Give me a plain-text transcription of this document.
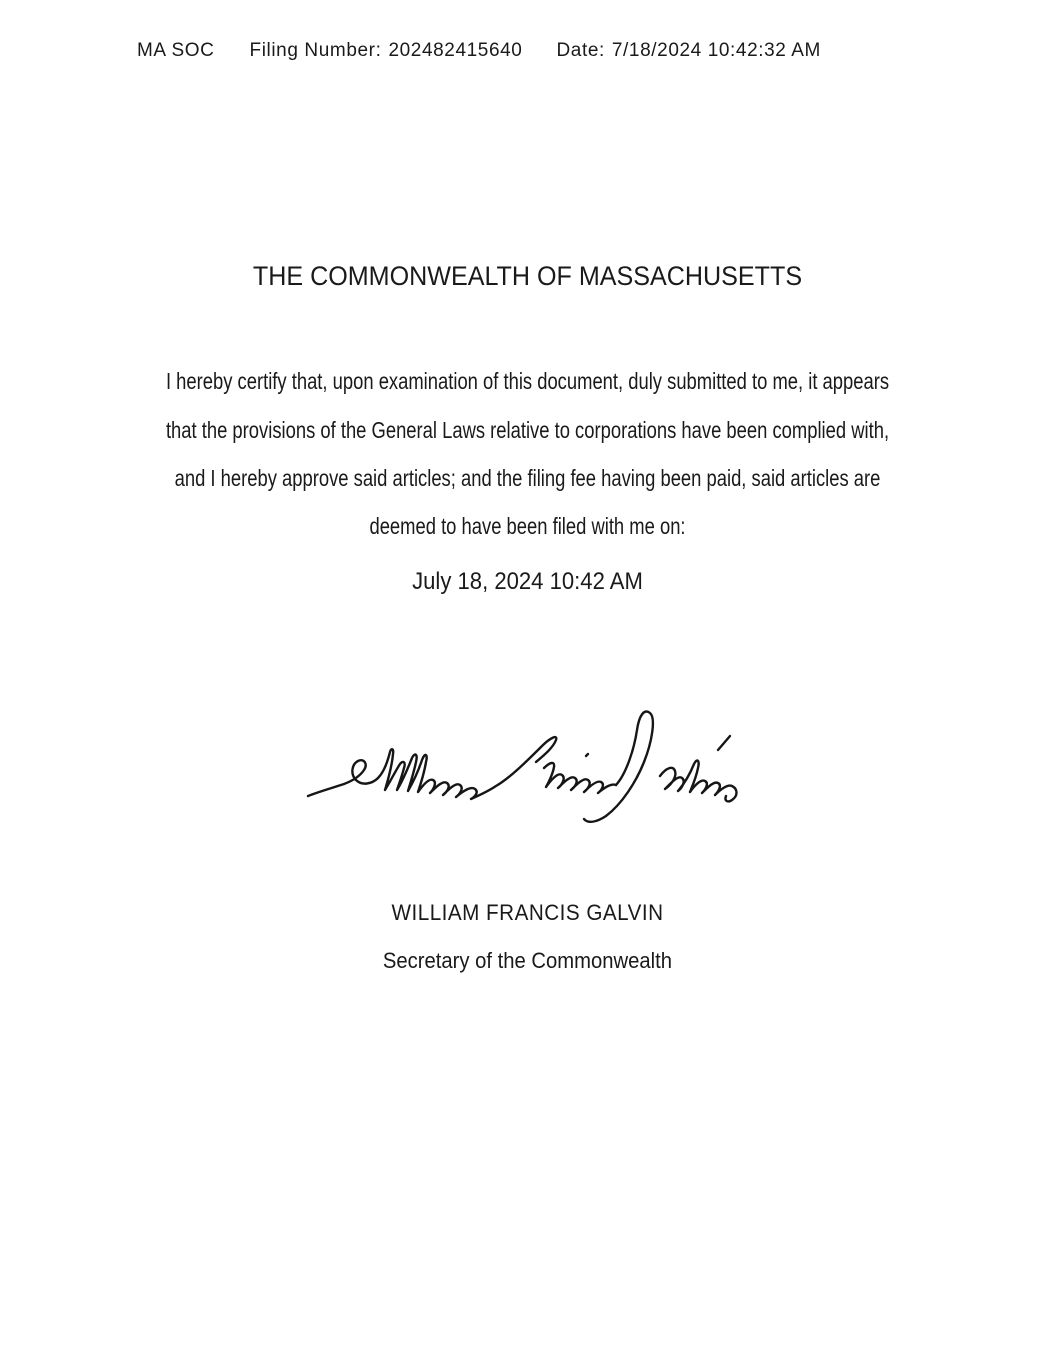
MA SOC Filing Number: 202482415640 Date: 7/18/2024 10:42:32 AM
THE COMMONWEALTH OF MASSACHUSETTS

I hereby certify that, upon examination of this document, duly submitted to me, it appears

that the provisions of the General Laws relative to corporations have been complied with,

and I hereby approve said articles; and the filing fee having been paid, said articles are

deemed to have been filed with me on:

July 18, 2024 10:42 AM
WILLIAM FRANCIS GALVIN
Secretary of the Commonwealth
